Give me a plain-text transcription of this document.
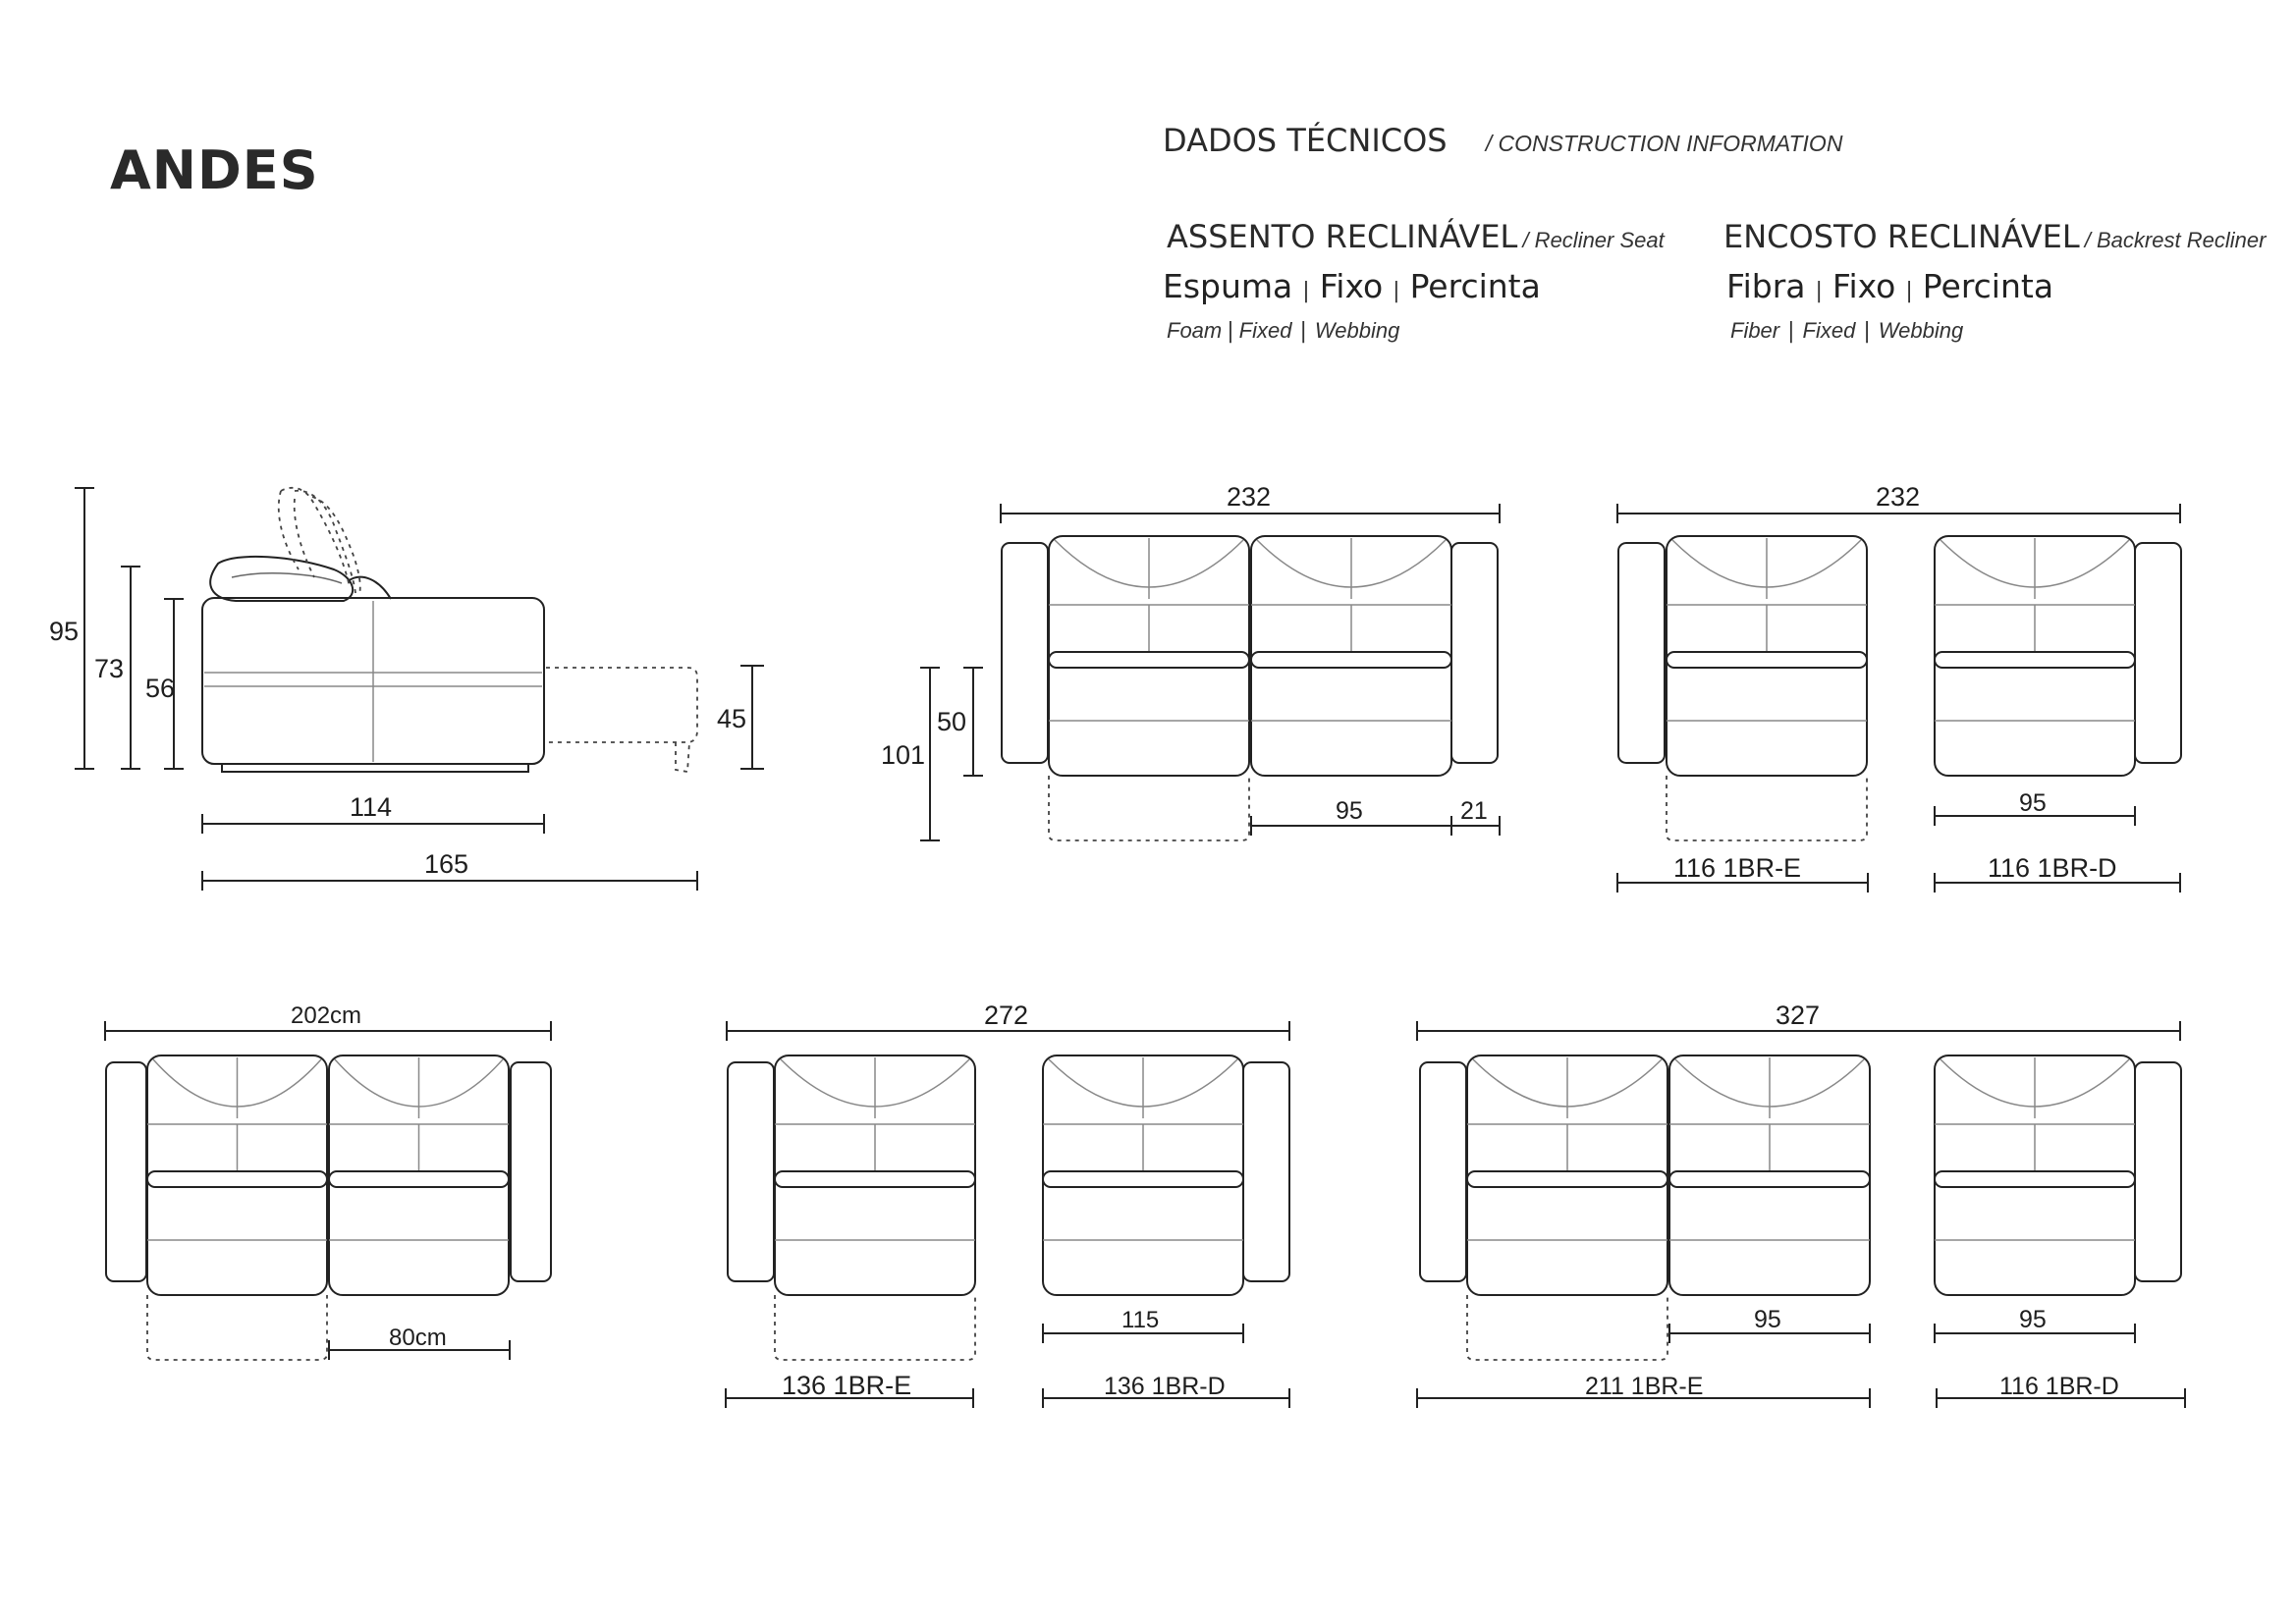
ANDES	DADOS TÉCNICOS / CONSTRUCTION INFORMATION
ASSENTO RECLINÁVEL / Recliner Seat
Espuma | Fixo | Percinta
Foam | Fixed | Webbing
ENCOSTO RECLINÁVEL / Backrest Recliner
Fibra | Fixo | Percinta
Fiber | Fixed | Webbing
95
73
56
45
114
165
232
101
50
95	21
232
95
116 1BR-E	116 1BR-D
202cm
80cm
272
115
136 1BR-E	136 1BR-D
327
95	95
211 1BR-E	116 1BR-D
